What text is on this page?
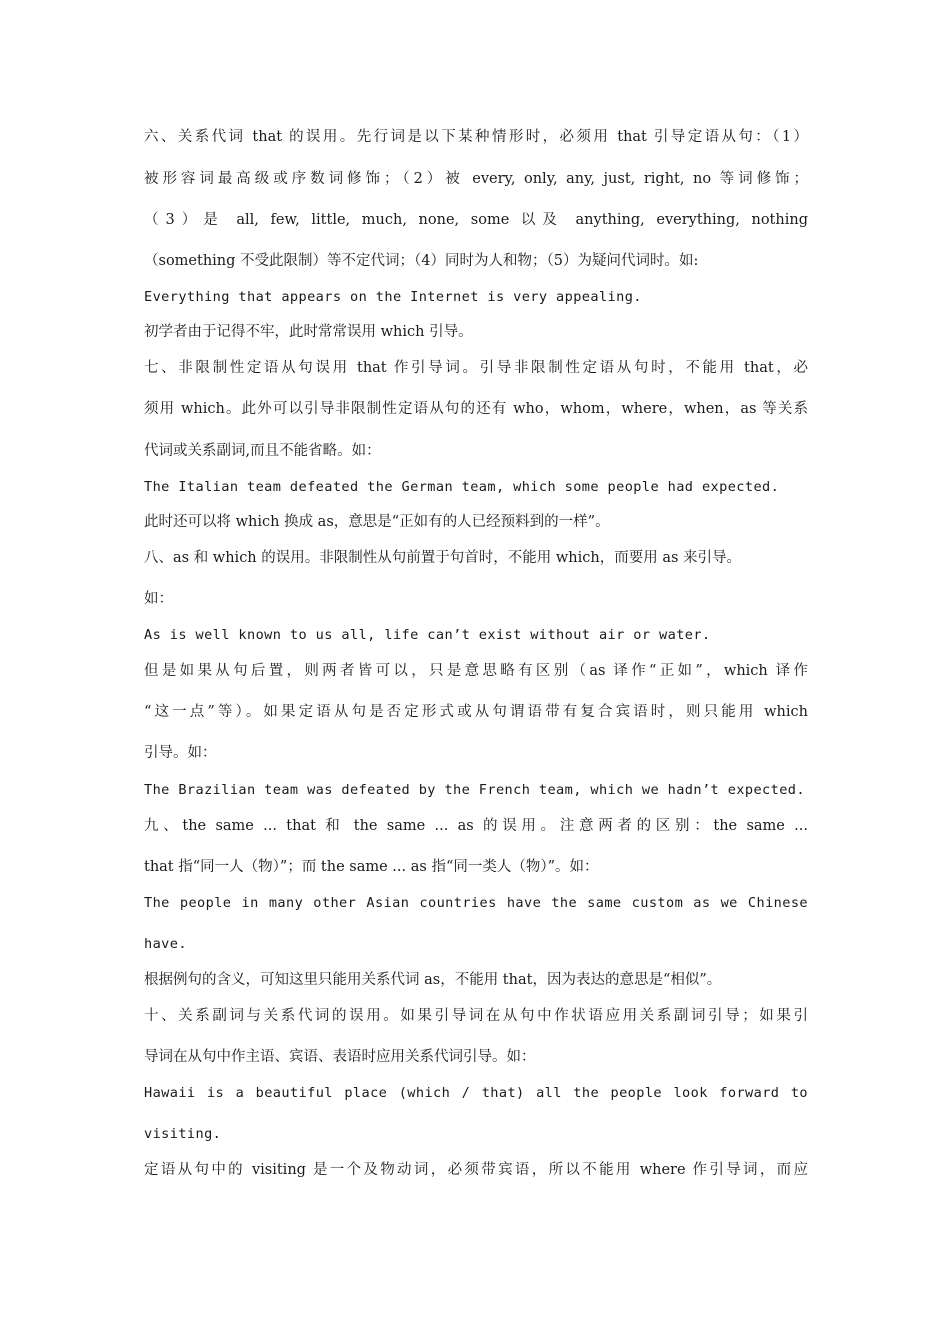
六、关系代词 that 的误用。先行词是以下某种情形时，必须用 that 引导定语从句：（1）
被形容词最高级或序数词修饰；（2）被 every, only, any, just, right, no 等词修饰；
（3）是 all, few, little, much, none, some 以及 anything, everything, nothing
（something 不受此限制）等不定代词；（4）同时为人和物；（5）为疑问代词时。如:
Everything that appears on the Internet is very appealing.
初学者由于记得不牢，此时常常误用 which 引导。
七、非限制性定语从句误用 that 作引导词。引导非限制性定语从句时，不能用 that，必
须用 which。此外可以引导非限制性定语从句的还有 who，whom，where，when，as 等关系
代词或关系副词,而且不能省略。如：
The Italian team defeated the German team, which some people had expected.
此时还可以将 which 换成 as，意思是“正如有的人已经预料到的一样”。
八、as 和 which 的误用。非限制性从句前置于句首时，不能用 which，而要用 as 来引导。
如：
As is well known to us all, life can’t exist without air or water.
但是如果从句后置，则两者皆可以，只是意思略有区别（as 译作“正如”，which 译作
“这一点”等）。如果定语从句是否定形式或从句谓语带有复合宾语时，则只能用 which
引导。如：
The Brazilian team was defeated by the French team, which we hadn’t expected.
九、the same ... that 和 the same ... as 的误用。注意两者的区别：the same ...
that 指“同一人（物）”；而 the same ... as 指“同一类人（物）”。如：
The people in many other Asian countries have the same custom as we Chinese
have.
根据例句的含义，可知这里只能用关系代词 as，不能用 that，因为表达的意思是“相似”。
十、关系副词与关系代词的误用。如果引导词在从句中作状语应用关系副词引导；如果引
导词在从句中作主语、宾语、表语时应用关系代词引导。如：
Hawaii is a beautiful place (which / that) all the people look forward to
visiting.
定语从句中的 visiting 是一个及物动词，必须带宾语，所以不能用 where 作引导词，而应
